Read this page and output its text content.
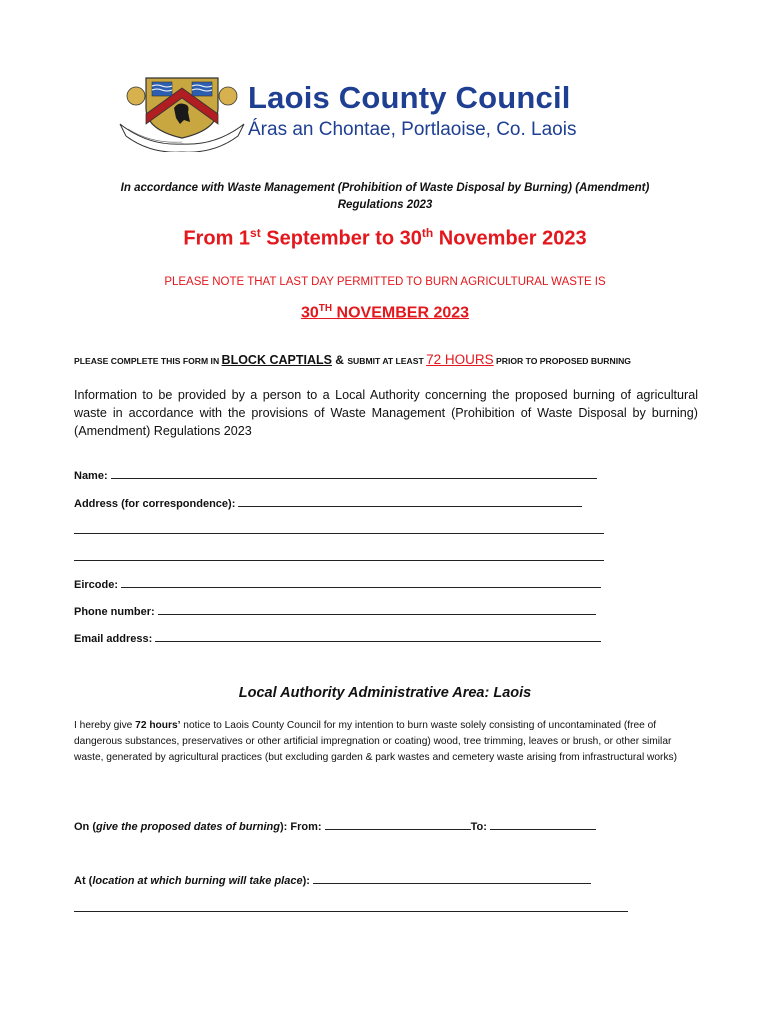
Laois County Council
Áras an Chontae, Portlaoise, Co. Laois
In accordance with Waste Management (Prohibition of Waste Disposal by Burning) (Amendment)
Regulations 2023
From 1st September to 30th November 2023
PLEASE NOTE THAT LAST DAY PERMITTED TO BURN AGRICULTURAL WASTE IS
30TH NOVEMBER 2023
PLEASE COMPLETE THIS FORM IN BLOCK CAPTIALS & SUBMIT AT LEAST 72 HOURS PRIOR TO PROPOSED BURNING
Information to be provided by a person to a Local Authority concerning the proposed burning of agricultural waste in accordance with the provisions of Waste Management (Prohibition of Waste Disposal by burning) (Amendment) Regulations 2023
Name:
Address (for correspondence):
Eircode:
Phone number:
Email address:
Local Authority Administrative Area: Laois
I hereby give 72 hours’ notice to Laois County Council for my intention to burn waste solely consisting of uncontaminated (free of dangerous substances, preservatives or other artificial impregnation or coating) wood, tree trimming, leaves or brush, or other similar waste, generated by agricultural practices (but excluding garden & park wastes and cemetery waste arising from infrastructural works)
On (give the proposed dates of burning): From:	To:
At (location at which burning will take place):
